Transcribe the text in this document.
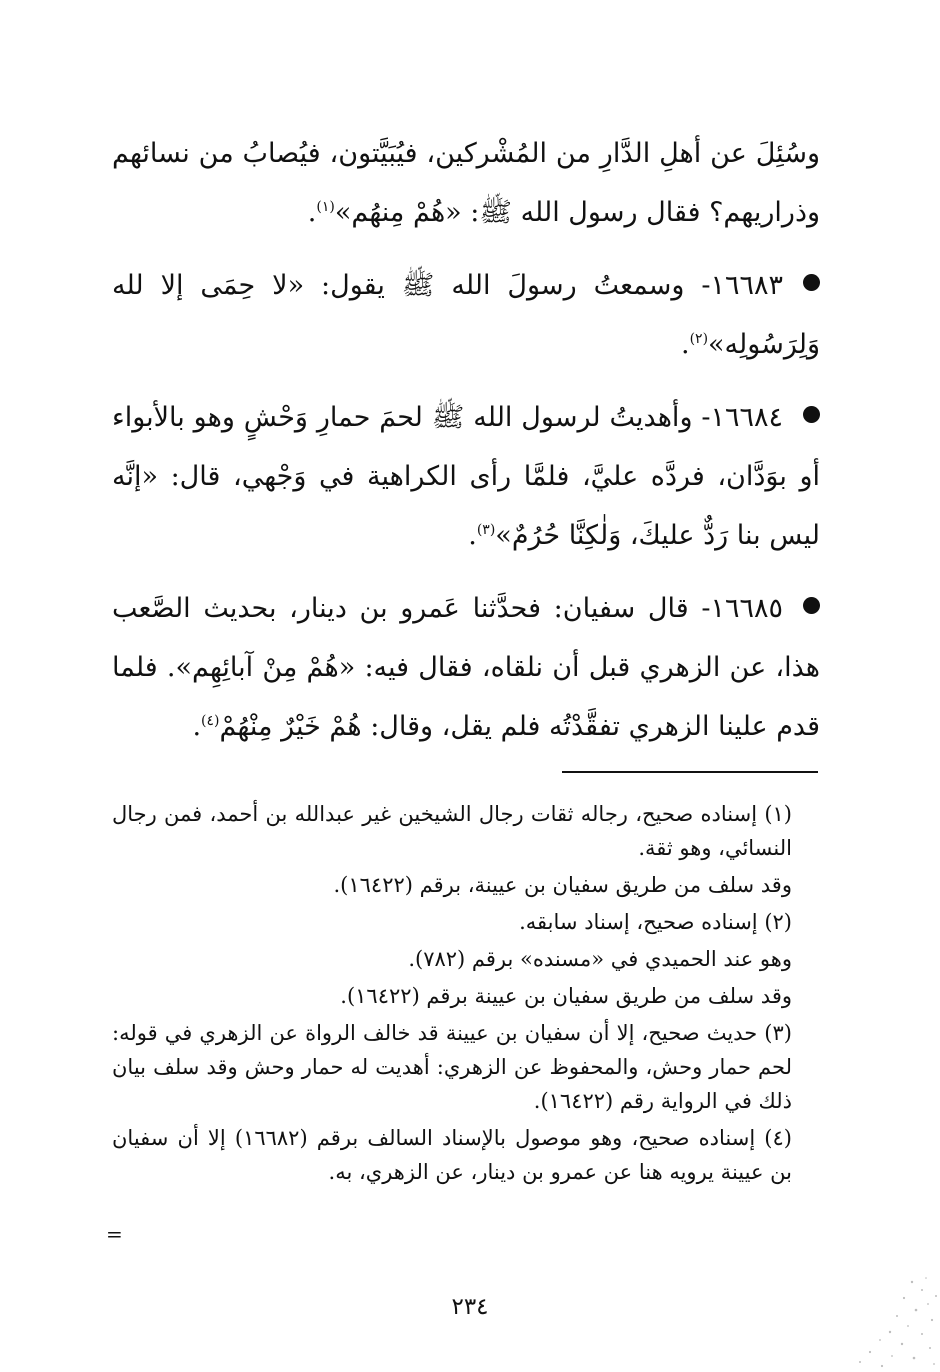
وسُئِلَ عن أهلِ الدَّارِ من المُشْركين، فيُبَيَّتون، فيُصابُ من نسائهم وذراريهم؟ فقال رسول الله ﷺ: «هُمْ مِنهُم»$^{(١)}$.

١٦٦٨٣- وسمعتُ رسولَ الله ﷺ يقول: «لا حِمَى إلا لله وَلِرَسُولِه»$^{(٢)}$.

١٦٦٨٤- وأهديتُ لرسول الله ﷺ لحمَ حمارِ وَحْشٍ وهو بالأبواء أو بوَدَّان، فردَّه عليَّ، فلمَّا رأى الكراهية في وَجْهي، قال: «إنَّه ليس بنا رَدٌّ عليكَ، وَلٰكِنَّا حُرُمٌ»$^{(٣)}$.

١٦٦٨٥- قال سفيان: فحدَّثنا عَمرو بن دينار، بحديث الصَّعب هذا، عن الزهري قبل أن نلقاه، فقال فيه: «هُمْ مِنْ آبائِهِم». فلما قدم علينا الزهري تفقَّدْتُه فلم يقل، وقال: هُمْ خَيْرٌ مِنْهُمْ$^{(٤)}$.

(١) إسناده صحيح، رجاله ثقات رجال الشيخين غير عبدالله بن أحمد، فمن رجال النسائي، وهو ثقة.

وقد سلف من طريق سفيان بن عيينة، برقم (١٦٤٢٢).

(٢) إسناده صحيح، إسناد سابقه.

وهو عند الحميدي في «مسنده» برقم (٧٨٢).

وقد سلف من طريق سفيان بن عيينة برقم (١٦٤٢٢).

(٣) حديث صحيح، إلا أن سفيان بن عيينة قد خالف الرواة عن الزهري في قوله: لحم حمار وحش، والمحفوظ عن الزهري: أهديت له حمار وحش وقد سلف بيان ذلك في الرواية رقم (١٦٤٢٢).

(٤) إسناده صحيح، وهو موصول بالإسناد السالف برقم (١٦٦٨٢) إلا أن سفيان بن عيينة يرويه هنا عن عمرو بن دينار، عن الزهري، به.

=
٢٣٤
